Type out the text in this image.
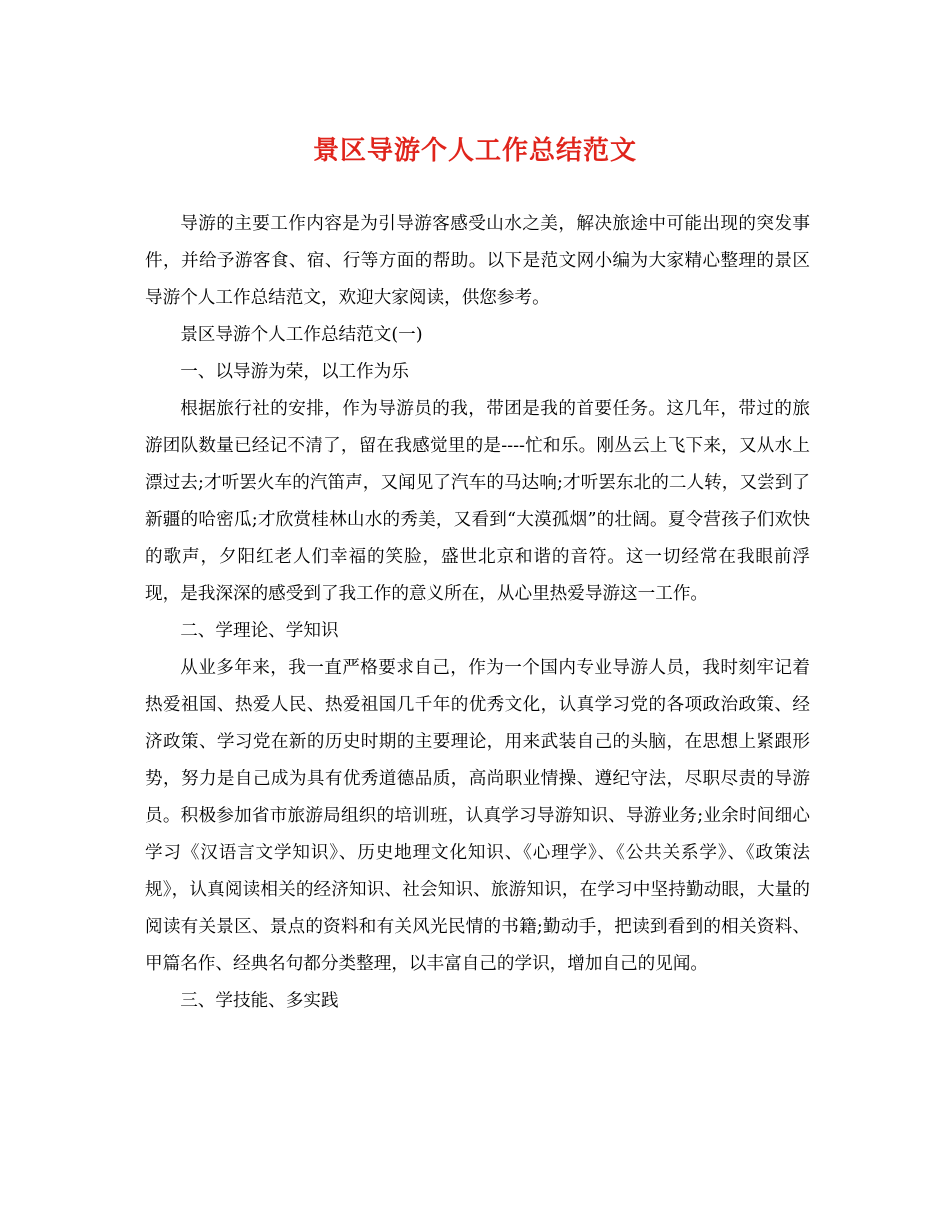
景区导游个人工作总结范文

导游的主要工作内容是为引导游客感受山水之美，解决旅途中可能出现的突发事件，并给予游客食、宿、行等方面的帮助。以下是范文网小编为大家精心整理的景区导游个人工作总结范文，欢迎大家阅读，供您参考。

景区导游个人工作总结范文(一)

一、以导游为荣，以工作为乐

根据旅行社的安排，作为导游员的我，带团是我的首要任务。这几年，带过的旅游团队数量已经记不清了，留在我感觉里的是----忙和乐。刚丛云上飞下来，又从水上漂过去;才听罢火车的汽笛声，又闻见了汽车的马达响;才听罢东北的二人转，又尝到了新疆的哈密瓜;才欣赏桂林山水的秀美，又看到“大漠孤烟”的壮阔。夏令营孩子们欢快的歌声，夕阳红老人们幸福的笑脸，盛世北京和谐的音符。这一切经常在我眼前浮现，是我深深的感受到了我工作的意义所在，从心里热爱导游这一工作。

二、学理论、学知识

从业多年来，我一直严格要求自己，作为一个国内专业导游人员，我时刻牢记着热爱祖国、热爱人民、热爱祖国几千年的优秀文化，认真学习党的各项政治政策、经济政策、学习党在新的历史时期的主要理论，用来武装自己的头脑，在思想上紧跟形势，努力是自己成为具有优秀道德品质，高尚职业情操、遵纪守法，尽职尽责的导游员。积极参加省市旅游局组织的培训班，认真学习导游知识、导游业务;业余时间细心学习《汉语言文学知识》、历史地理文化知识、《心理学》、《公共关系学》、《政策法规》，认真阅读相关的经济知识、社会知识、旅游知识，在学习中坚持勤动眼，大量的阅读有关景区、景点的资料和有关风光民情的书籍;勤动手，把读到看到的相关资料、甲篇名作、经典名句都分类整理，以丰富自己的学识，增加自己的见闻。

三、学技能、多实践
